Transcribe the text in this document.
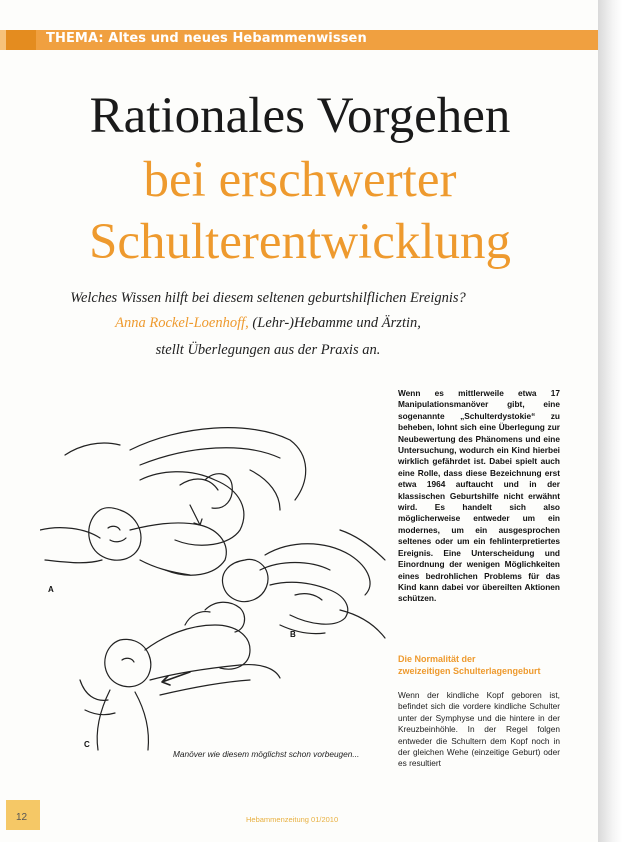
THEMA: Altes und neues Hebammenwissen
Rationales Vorgehen
bei erschwerter
Schulterentwicklung
Welches Wissen hilft bei diesem seltenen geburtshilflichen Ereignis?
Anna Rockel-Loenhoff, (Lehr-)Hebamme und Ärztin,
stellt Überlegungen aus der Praxis an.
Wenn es mittlerweile etwa 17 Manipulationsmanöver gibt, eine sogenannte „Schulterdystokie“ zu beheben, lohnt sich eine Überlegung zur Neubewertung des Phänomens und eine Untersuchung, wodurch ein Kind hierbei wirklich gefährdet ist. Dabei spielt auch eine Rolle, dass diese Bezeichnung erst etwa 1964 auftaucht und in der klassischen Geburtshilfe nicht erwähnt wird. Es handelt sich also möglicherweise entweder um ein modernes, um ein ausgesprochen seltenes oder um ein fehlinterpretiertes Ereignis. Eine Unterscheidung und Einordnung der wenigen Möglichkeiten eines bedrohlichen Problems für das Kind kann dabei vor übereilten Aktionen schützen.
Die Normalität der
zweizeitigen Schulterlagengeburt
Wenn der kindliche Kopf geboren ist, befindet sich die vordere kindliche Schulter unter der Symphyse und die hintere in der Kreuzbeinhöhle. In der Regel folgen entweder die Schultern dem Kopf noch in der gleichen Wehe (einzeitige Geburt) oder es resultiert
A
B
C
Manöver wie diesem möglichst schon vorbeugen...
12	Hebammenzeitung 01/2010
